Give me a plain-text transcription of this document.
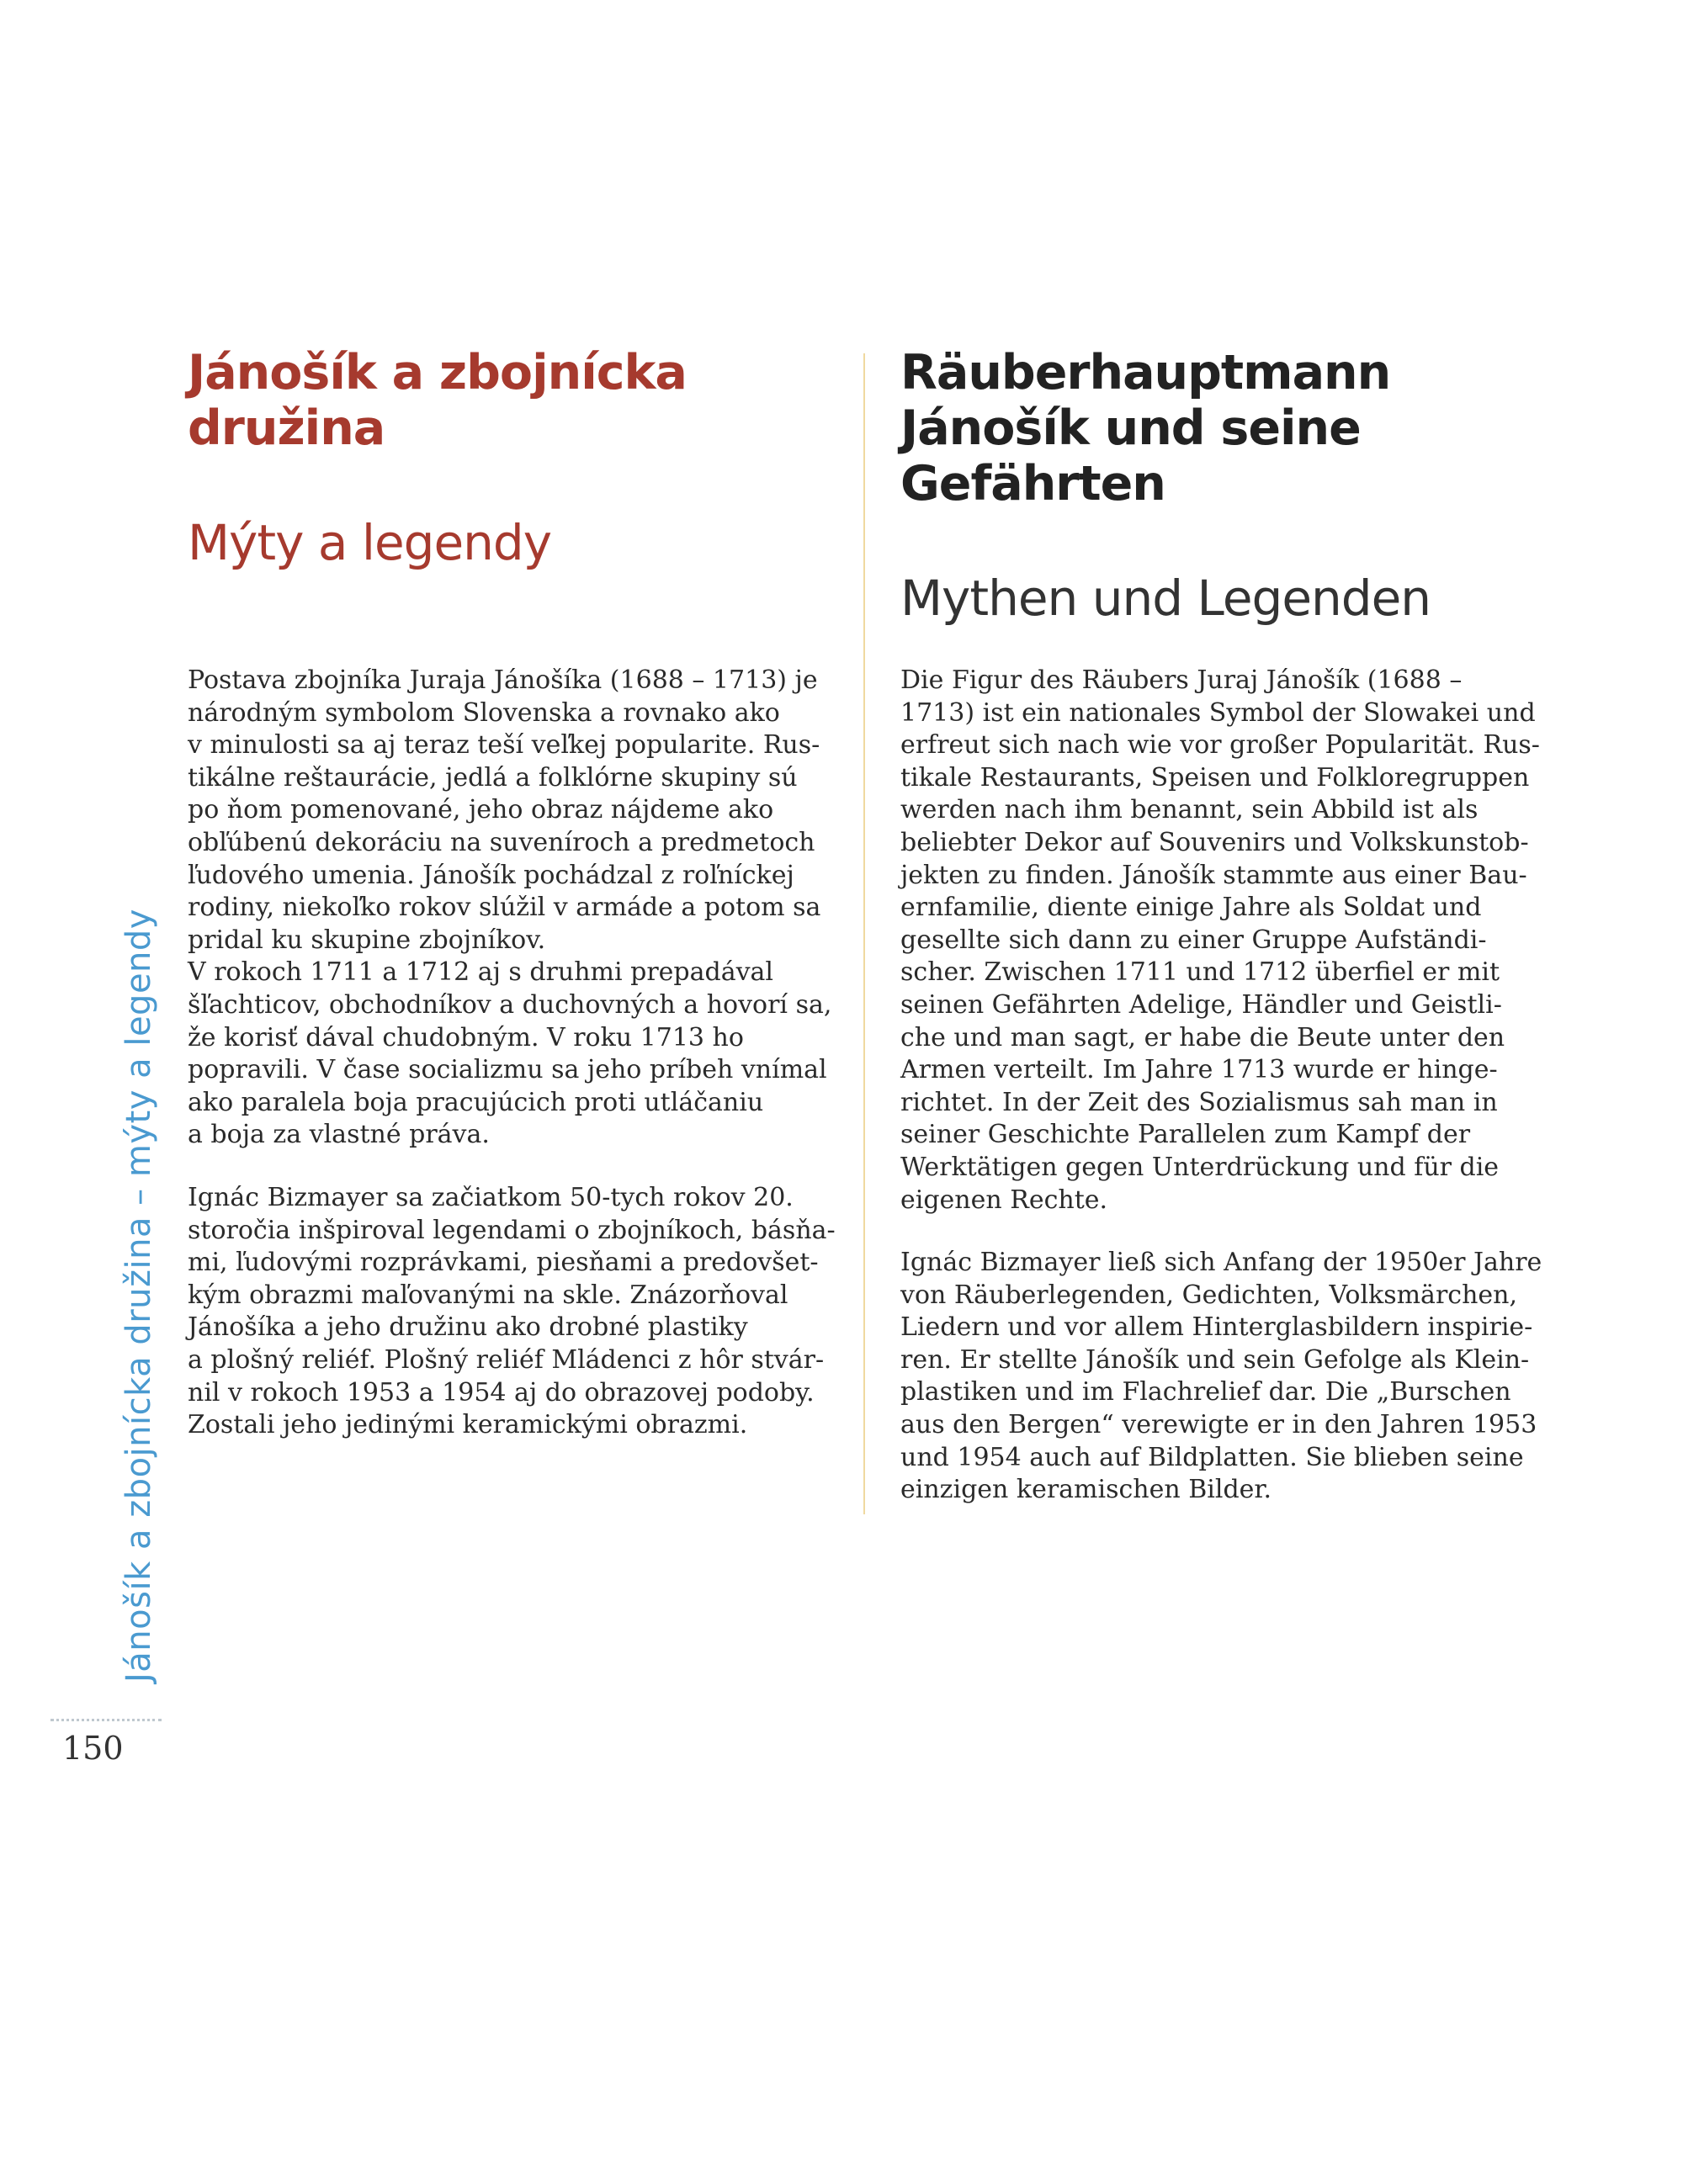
Jánošík a zbojnícka
družina
Mýty a legendy

Postava zbojníka Juraja Jánošíka (1688 – 1713) je
národným symbolom Slovenska a rovnako ako
v minulosti sa aj teraz teší veľkej popularite. Rus-
tikálne reštaurácie, jedlá a folklórne skupiny sú
po ňom pomenované, jeho obraz nájdeme ako
obľúbenú dekoráciu na suvenírоch a predmetoch
ľudového umenia. Jánošík pochádzal z roľníckej
rodiny, niekoľko rokov slúžil v armáde a potom sa
pridal ku skupine zbojníkov.
V rokoch 1711 a 1712 aj s druhmi prepadával
šľachticov, obchodníkov a duchovných a hovorí sa,
že korisť dával chudobným. V roku 1713 ho
popravili. V čase socializmu sa jeho príbeh vnímal
ako paralela boja pracujúcich proti utláčaniu
a boja za vlastné práva.

Ignác Bizmayer sa začiatkom 50-tych rokov 20.
storočia inšpiroval legendami o zbojníkoch, básňa-
mi, ľudovými rozprávkami, piesňami a predovšet-
kým obrazmi maľovanými na skle. Znázorňoval
Jánošíka a jeho družinu ako drobné plastiky
a plošný reliéf. Plošný reliéf Mládenci z hôr stvár-
nil v rokoch 1953 a 1954 aj do obrazovej podoby.
Zostali jeho jedinými keramickými obrazmi.

Räuberhauptmann
Jánošík und seine
Gefährten
Mythen und Legenden

Die Figur des Räubers Juraj Jánošík (1688 –
1713) ist ein nationales Symbol der Slowakei und
erfreut sich nach wie vor großer Popularität. Rus-
tikale Restaurants, Speisen und Folkloregruppen
werden nach ihm benannt, sein Abbild ist als
beliebter Dekor auf Souvenirs und Volkskunstob-
jekten zu finden. Jánošík stammte aus einer Bau-
ernfamilie, diente einige Jahre als Soldat und
gesellte sich dann zu einer Gruppe Aufständi-
scher. Zwischen 1711 und 1712 überfiel er mit
seinen Gefährten Adelige, Händler und Geistli-
che und man sagt, er habe die Beute unter den
Armen verteilt. Im Jahre 1713 wurde er hinge-
richtet. In der Zeit des Sozialismus sah man in
seiner Geschichte Parallelen zum Kampf der
Werktätigen gegen Unterdrückung und für die
eigenen Rechte.

Ignác Bizmayer ließ sich Anfang der 1950er Jahre
von Räuberlegenden, Gedichten, Volksmärchen,
Liedern und vor allem Hinterglasbildern inspirie-
ren. Er stellte Jánošík und sein Gefolge als Klein-
plastiken und im Flachrelief dar. Die „Burschen
aus den Bergen“ verewigte er in den Jahren 1953
und 1954 auch auf Bildplatten. Sie blieben seine
einzigen keramischen Bilder.

Jánošík a zbojnícka družina – mýty a legendy
150
